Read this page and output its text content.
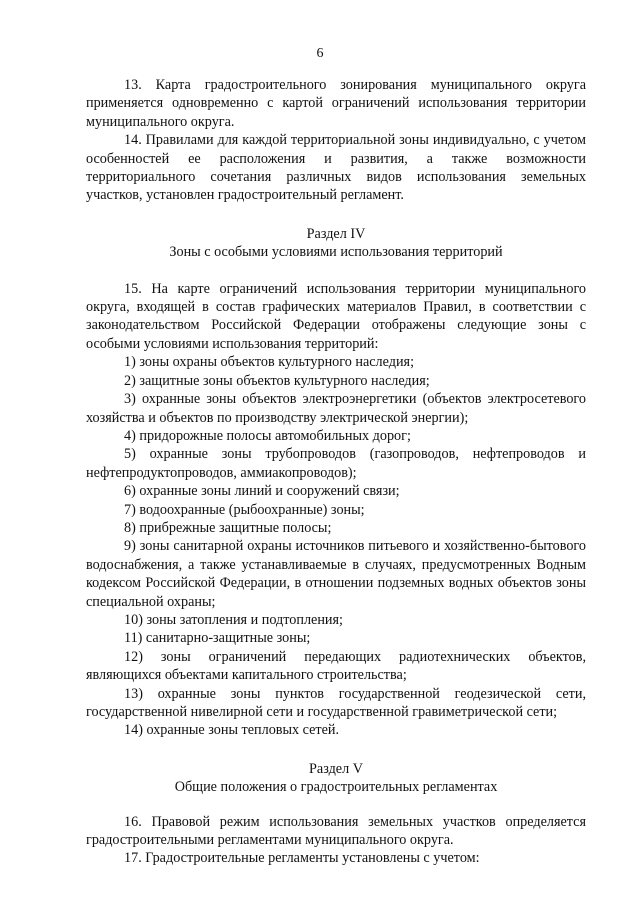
6

13. Карта градостроительного зонирования муниципального округа применяется одновременно с картой ограничений использования территории муниципального округа.

14. Правилами для каждой территориальной зоны индивидуально, с учетом особенностей ее расположения и развития, а также возможности территориального сочетания различных видов использования земельных участков, установлен градостроительный регламент.

Раздел IV

Зоны с особыми условиями использования территорий

15. На карте ограничений использования территории муниципального округа, входящей в состав графических материалов Правил, в соответствии с законодательством Российской Федерации отображены следующие зоны с особыми условиями использования территорий:

1) зоны охраны объектов культурного наследия;
2) защитные зоны объектов культурного наследия;
3) охранные зоны объектов электроэнергетики (объектов электросетевого хозяйства и объектов по производству электрической энергии);
4) придорожные полосы автомобильных дорог;
5) охранные зоны трубопроводов (газопроводов, нефтепроводов и нефтепродуктопроводов, аммиакопроводов);
6) охранные зоны линий и сооружений связи;
7) водоохранные (рыбоохранные) зоны;
8) прибрежные защитные полосы;
9) зоны санитарной охраны источников питьевого и хозяйственно-бытового водоснабжения, а также устанавливаемые в случаях, предусмотренных Водным кодексом Российской Федерации, в отношении подземных водных объектов зоны специальной охраны;
10) зоны затопления и подтопления;
11) санитарно-защитные зоны;
12) зоны ограничений передающих радиотехнических объектов, являющихся объектами капитального строительства;
13) охранные зоны пунктов государственной геодезической сети, государственной нивелирной сети и государственной гравиметрической сети;
14) охранные зоны тепловых сетей.

Раздел V

Общие положения о градостроительных регламентах

16. Правовой режим использования земельных участков определяется градостроительными регламентами муниципального округа.

17. Градостроительные регламенты установлены с учетом:
